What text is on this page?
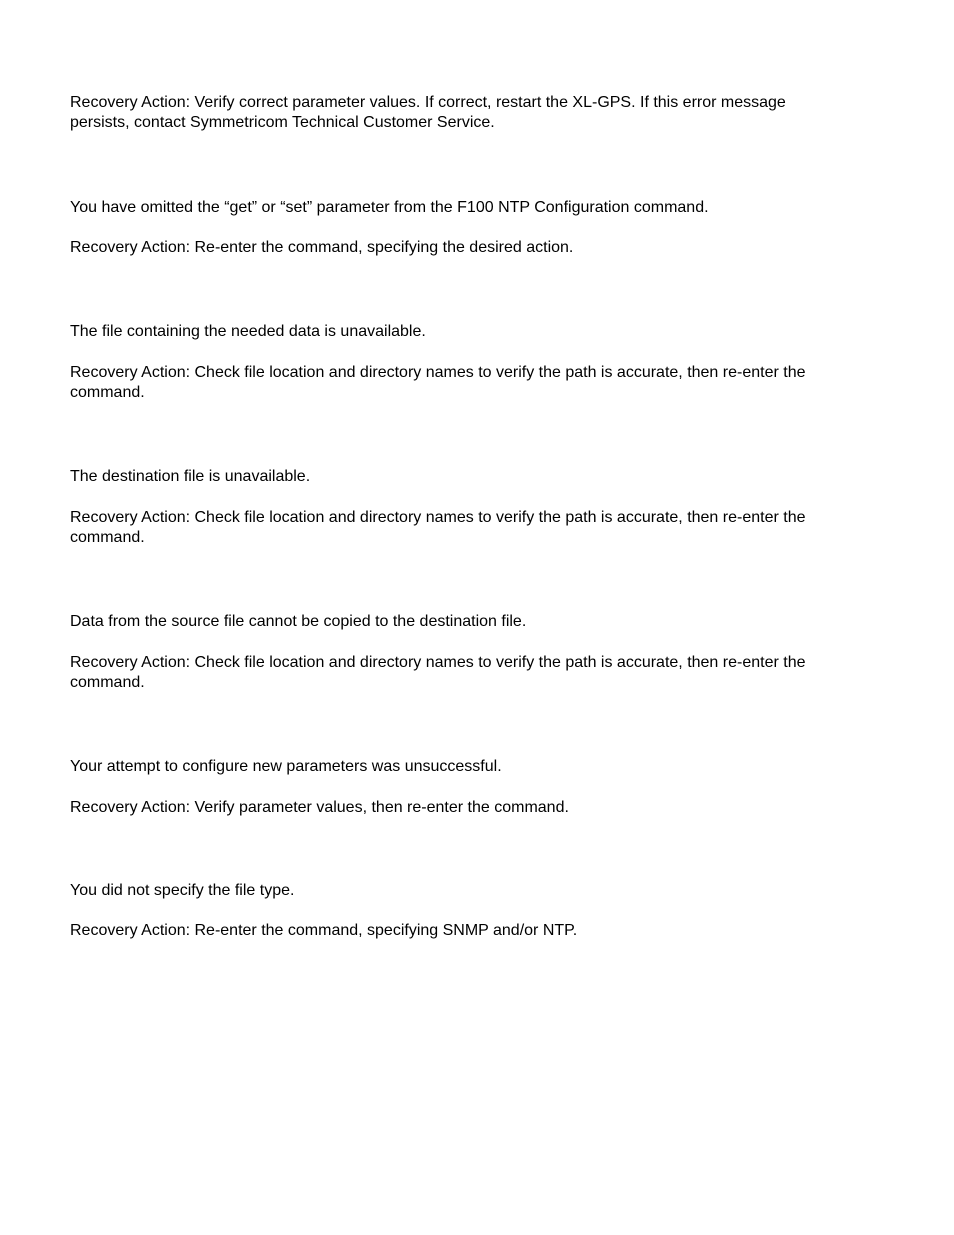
Recovery Action: Verify correct parameter values. If correct, restart the XL-GPS. If this error message

persists, contact Symmetricom Technical Customer Service.

You have omitted the “get” or “set” parameter from the F100 NTP Configuration command.

Recovery Action: Re-enter the command, specifying the desired action.

The file containing the needed data is unavailable.

Recovery Action: Check file location and directory names to verify the path is accurate, then re-enter the

command.

The destination file is unavailable.

Recovery Action: Check file location and directory names to verify the path is accurate, then re-enter the

command.

Data from the source file cannot be copied to the destination file.

Recovery Action: Check file location and directory names to verify the path is accurate, then re-enter the

command.

Your attempt to configure new parameters was unsuccessful.

Recovery Action: Verify parameter values, then re-enter the command.

You did not specify the file type.

Recovery Action: Re-enter the command, specifying SNMP and/or NTP.
